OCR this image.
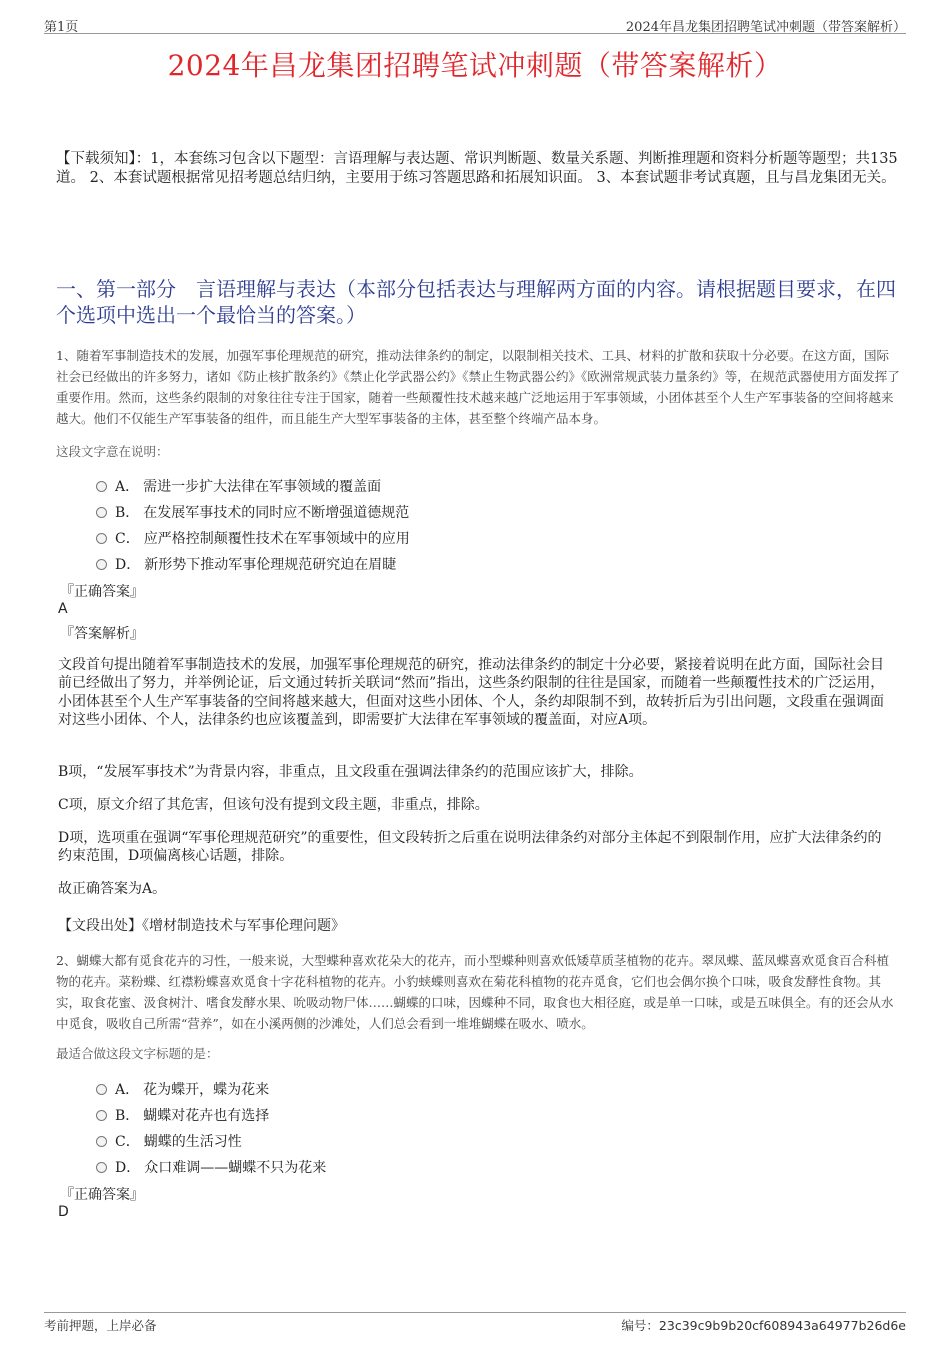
第1页	2024年昌龙集团招聘笔试冲刺题（带答案解析）
2024年昌龙集团招聘笔试冲刺题（带答案解析）
【下载须知】：1，本套练习包含以下题型：言语理解与表达题、常识判断题、数量关系题、判断推理题和资料分析题等题型；共135道。 2、本套试题根据常见招考题总结归纳，主要用于练习答题思路和拓展知识面。 3、本套试题非考试真题，且与昌龙集团无关。
一、第一部分　言语理解与表达（本部分包括表达与理解两方面的内容。请根据题目要求，在四个选项中选出一个最恰当的答案。）
1、随着军事制造技术的发展，加强军事伦理规范的研究，推动法律条约的制定，以限制相关技术、工具、材料的扩散和获取十分必要。在这方面，国际社会已经做出的许多努力，诸如《防止核扩散条约》《禁止化学武器公约》《禁止生物武器公约》《欧洲常规武装力量条约》等，在规范武器使用方面发挥了重要作用。然而，这些条约限制的对象往往专注于国家，随着一些颠覆性技术越来越广泛地运用于军事领域，小团体甚至个人生产军事装备的空间将越来越大。他们不仅能生产军事装备的组件，而且能生产大型军事装备的主体，甚至整个终端产品本身。
这段文字意在说明：
A． 需进一步扩大法律在军事领域的覆盖面
B． 在发展军事技术的同时应不断增强道德规范
C． 应严格控制颠覆性技术在军事领域中的应用
D． 新形势下推动军事伦理规范研究迫在眉睫
『正确答案』
A
『答案解析』
文段首句提出随着军事制造技术的发展，加强军事伦理规范的研究，推动法律条约的制定十分必要，紧接着说明在此方面，国际社会目前已经做出了努力，并举例论证，后文通过转折关联词“然而”指出，这些条约限制的往往是国家，而随着一些颠覆性技术的广泛运用，小团体甚至个人生产军事装备的空间将越来越大，但面对这些小团体、个人，条约却限制不到，故转折后为引出问题，文段重在强调面对这些小团体、个人，法律条约也应该覆盖到，即需要扩大法律在军事领域的覆盖面，对应A项。
B项，“发展军事技术”为背景内容，非重点，且文段重在强调法律条约的范围应该扩大，排除。
C项，原文介绍了其危害，但该句没有提到文段主题，非重点，排除。
D项，选项重在强调“军事伦理规范研究”的重要性，但文段转折之后重在说明法律条约对部分主体起不到限制作用，应扩大法律条约的约束范围，D项偏离核心话题，排除。
故正确答案为A。
【文段出处】《增材制造技术与军事伦理问题》
2、蝴蝶大都有觅食花卉的习性，一般来说，大型蝶种喜欢花朵大的花卉，而小型蝶种则喜欢低矮草质茎植物的花卉。翠凤蝶、蓝凤蝶喜欢觅食百合科植物的花卉。菜粉蝶、红襟粉蝶喜欢觅食十字花科植物的花卉。小豹蛱蝶则喜欢在菊花科植物的花卉觅食，它们也会偶尔换个口味，吸食发酵性食物。其实，取食花蜜、汲食树汁、嗜食发酵水果、吮吸动物尸体……蝴蝶的口味，因蝶种不同，取食也大相径庭，或是单一口味，或是五味俱全。有的还会从水中觅食，吸收自己所需“营养”，如在小溪两侧的沙滩处，人们总会看到一堆堆蝴蝶在吸水、喷水。
最适合做这段文字标题的是：
A． 花为蝶开，蝶为花来
B． 蝴蝶对花卉也有选择
C． 蝴蝶的生活习性
D． 众口难调——蝴蝶不只为花来
『正确答案』
D
考前押题，上岸必备	编号：23c39c9b9b20cf608943a64977b26d6e
